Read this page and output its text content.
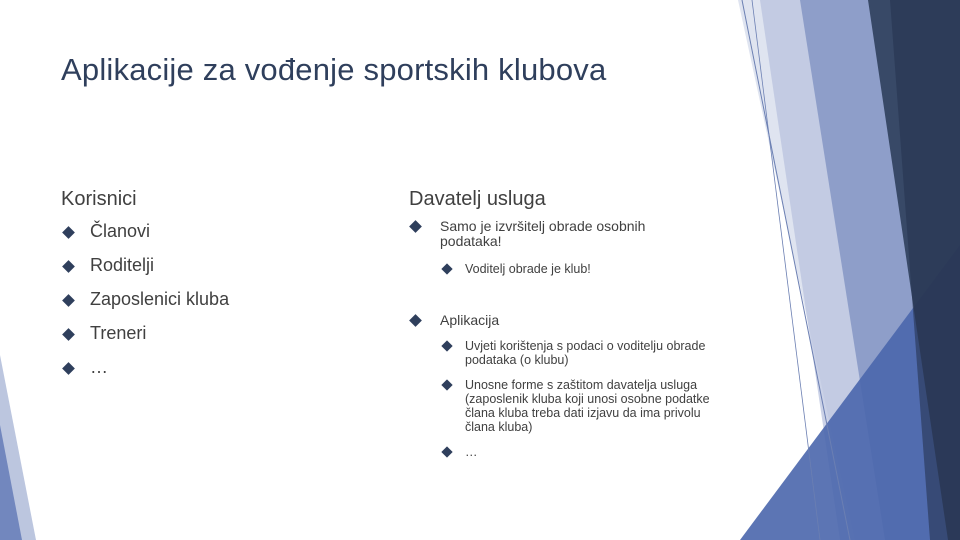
Aplikacije za vođenje sportskih klubova
Korisnici
Članovi
Roditelji
Zaposlenici kluba
Treneri
…
Davatelj usluga
Samo je izvršitelj obrade osobnih podataka!
Voditelj obrade je klub!
Aplikacija
Uvjeti korištenja s podaci o voditelju obrade podataka (o klubu)
Unosne forme s zaštitom davatelja usluga (zaposlenik kluba koji unosi osobne podatke člana kluba treba dati izjavu da ima privolu člana kluba)
…
